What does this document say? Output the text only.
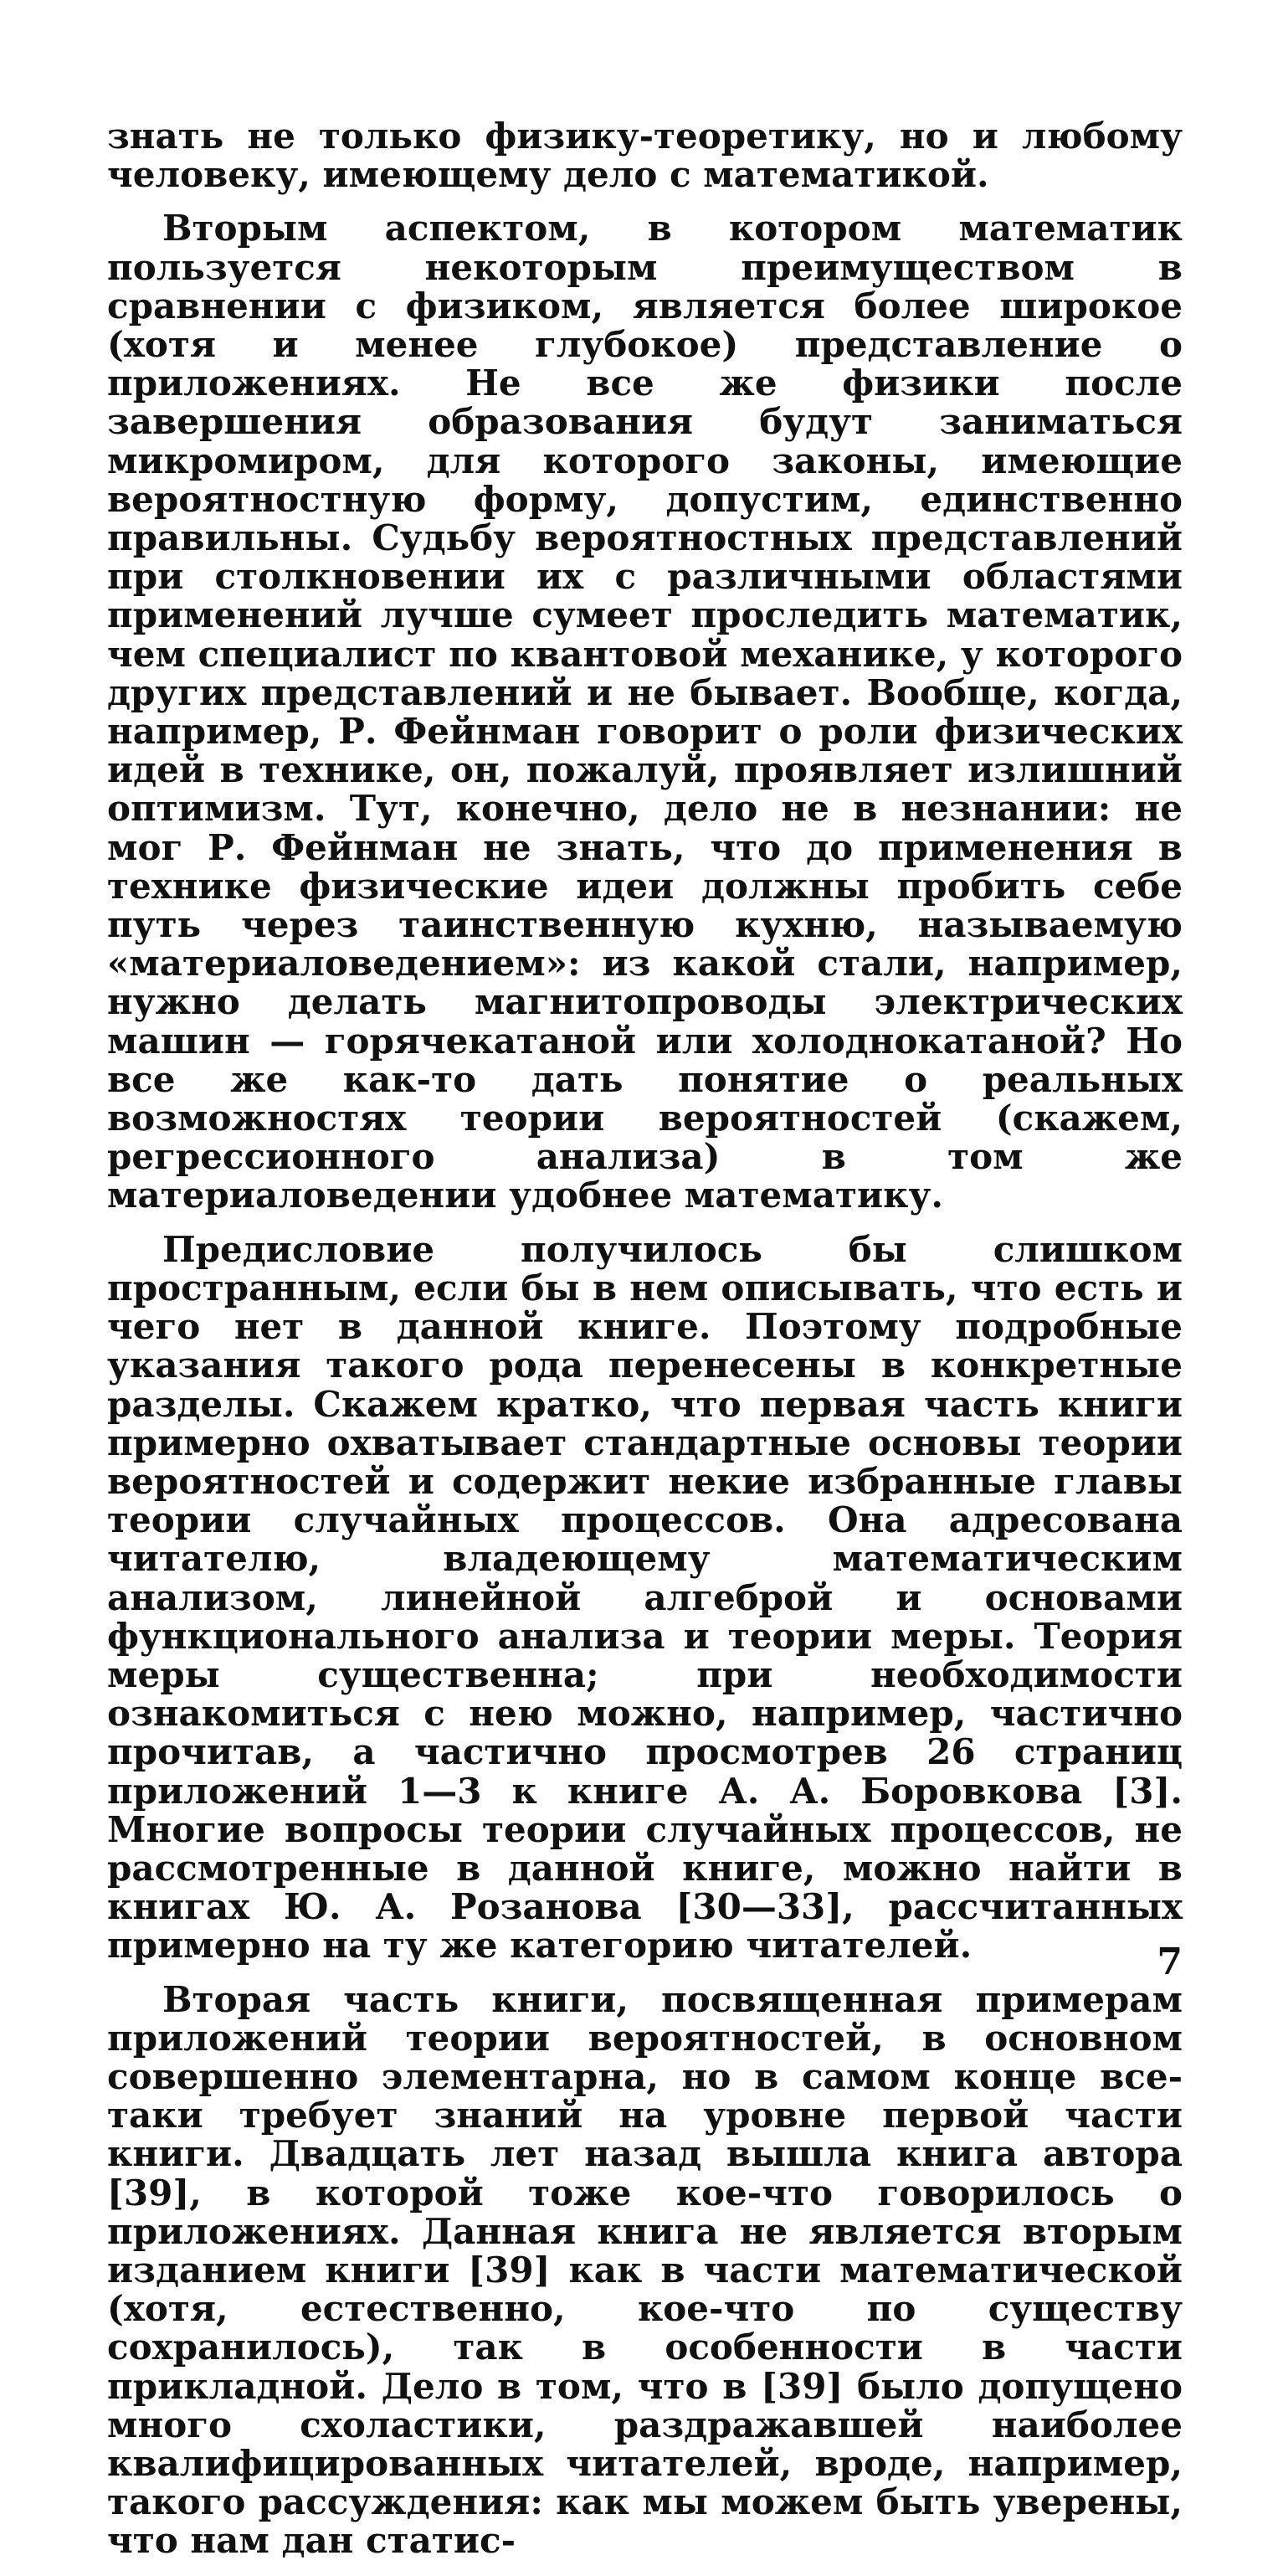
знать не только физику-теоретику, но и любому человеку, имеющему дело с математикой.

Вторым аспектом, в котором математик пользуется некоторым преимуществом в сравнении с физиком, является более широкое (хотя и менее глубокое) представление о приложениях. Не все же физики после завершения образования будут заниматься микромиром, для которого законы, имеющие вероятностную форму, допустим, единственно правильны. Судьбу вероятностных представлений при столкновении их с различными областями применений лучше сумеет проследить математик, чем специалист по квантовой механике, у которого других представлений и не бывает. Вообще, когда, например, Р. Фейнман говорит о роли физических идей в технике, он, пожалуй, проявляет излишний оптимизм. Тут, конечно, дело не в незнании: не мог Р. Фейнман не знать, что до применения в технике физические идеи должны пробить себе путь через таинственную кухню, называемую «материаловедением»: из какой стали, например, нужно делать магнитопроводы электрических машин — горячекатаной или холоднокатаной? Но все же как-то дать понятие о реальных возможностях теории вероятностей (скажем, регрессионного анализа) в том же материаловедении удобнее математику.

Предисловие получилось бы слишком пространным, если бы в нем описывать, что есть и чего нет в данной книге. Поэтому подробные указания такого рода перенесены в конкретные разделы. Скажем кратко, что первая часть книги примерно охватывает стандартные основы теории вероятностей и содержит некие избранные главы теории случайных процессов. Она адресована читателю, владеющему математическим анализом, линейной алгеброй и основами функционального анализа и теории меры. Теория меры существенна; при необходимости ознакомиться с нею можно, например, частично прочитав, а частично просмотрев 26 страниц приложений 1—3 к книге А. А. Боровкова [3]. Многие вопросы теории случайных процессов, не рассмотренные в данной книге, можно найти в книгах Ю. А. Розанова [30—33], рассчитанных примерно на ту же категорию читателей.

Вторая часть книги, посвященная примерам приложений теории вероятностей, в основном совершенно элементарна, но в самом конце все-таки требует знаний на уровне первой части книги. Двадцать лет назад вышла книга автора [39], в которой тоже кое-что говорилось о приложениях. Данная книга не является вторым изданием книги [39] как в части математической (хотя, естественно, кое-что по существу сохранилось), так в особенности в части прикладной. Дело в том, что в [39] было допущено много схоластики, раздражавшей наиболее квалифицированных читателей, вроде, например, такого рассуждения: как мы можем быть уверены, что нам дан статис-

7
